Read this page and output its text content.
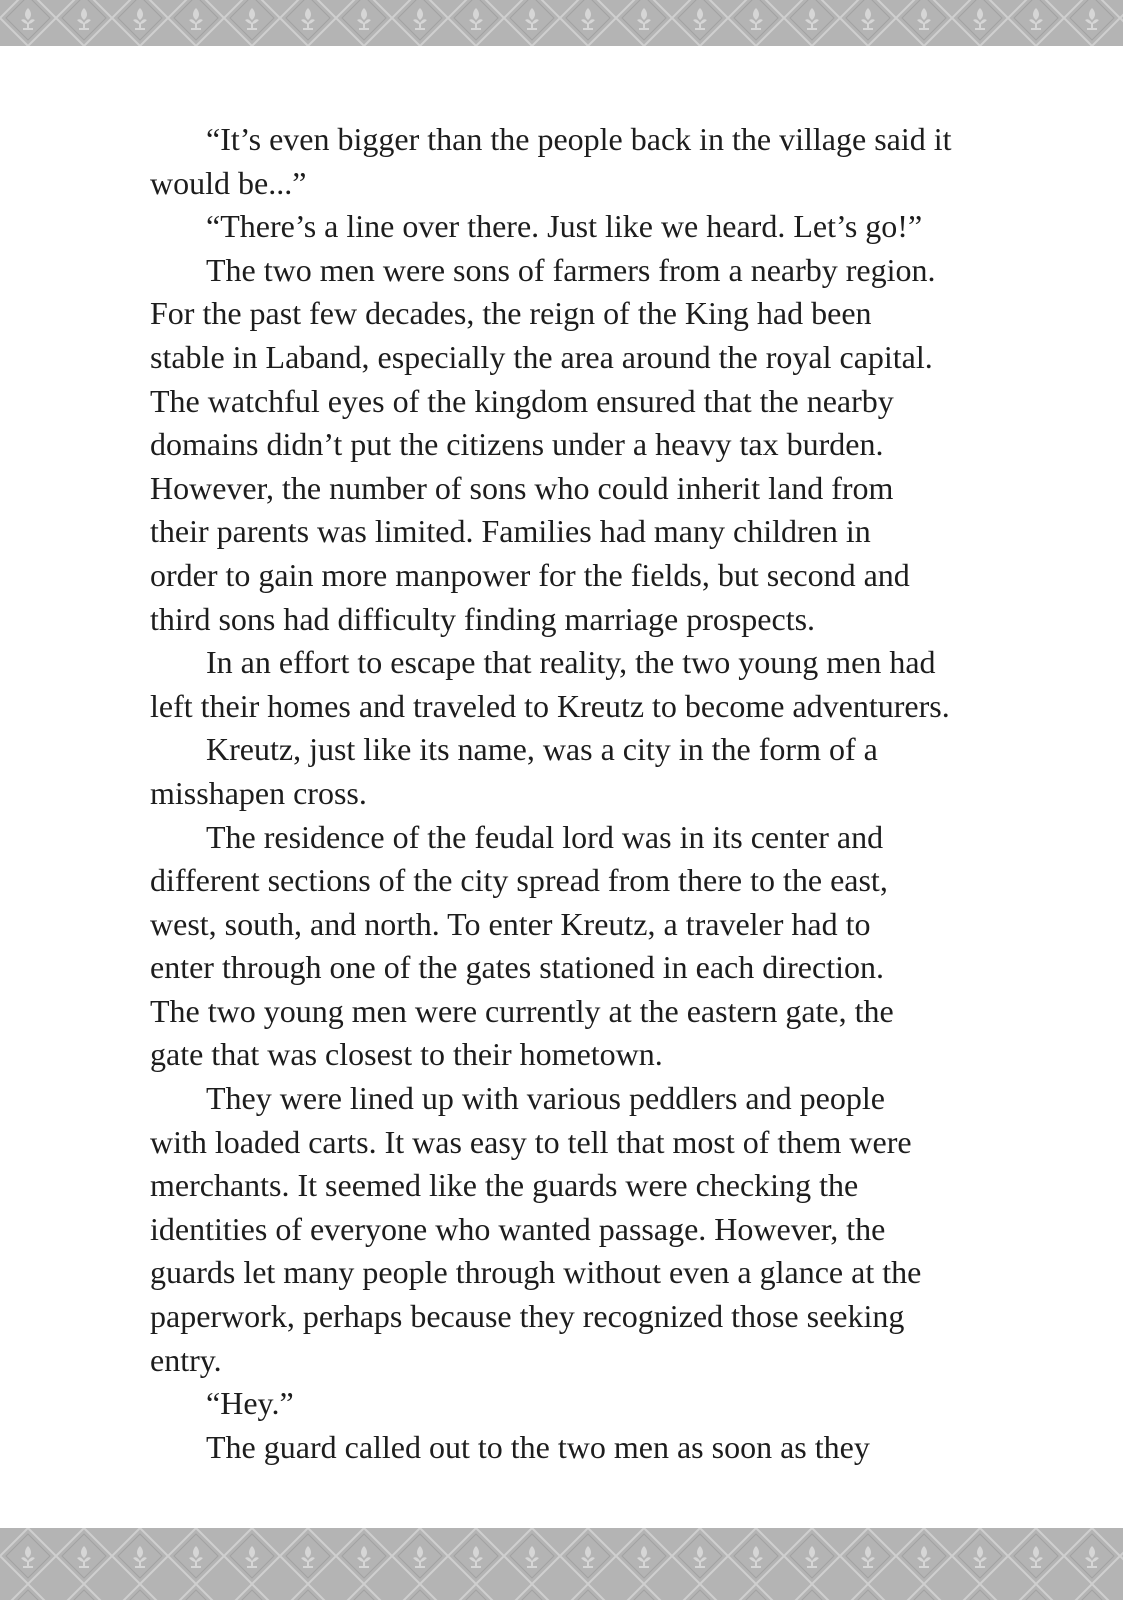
“It’s even bigger than the people back in the village said it
would be...”
“There’s a line over there. Just like we heard. Let’s go!”
The two men were sons of farmers from a nearby region.
For the past few decades, the reign of the King had been
stable in Laband, especially the area around the royal capital.
The watchful eyes of the kingdom ensured that the nearby
domains didn’t put the citizens under a heavy tax burden.
However, the number of sons who could inherit land from
their parents was limited. Families had many children in
order to gain more manpower for the fields, but second and
third sons had difficulty finding marriage prospects.
In an effort to escape that reality, the two young men had
left their homes and traveled to Kreutz to become adventurers.
Kreutz, just like its name, was a city in the form of a
misshapen cross.
The residence of the feudal lord was in its center and
different sections of the city spread from there to the east,
west, south, and north. To enter Kreutz, a traveler had to
enter through one of the gates stationed in each direction.
The two young men were currently at the eastern gate, the
gate that was closest to their hometown.
They were lined up with various peddlers and people
with loaded carts. It was easy to tell that most of them were
merchants. It seemed like the guards were checking the
identities of everyone who wanted passage. However, the
guards let many people through without even a glance at the
paperwork, perhaps because they recognized those seeking
entry.
“Hey.”
The guard called out to the two men as soon as they
